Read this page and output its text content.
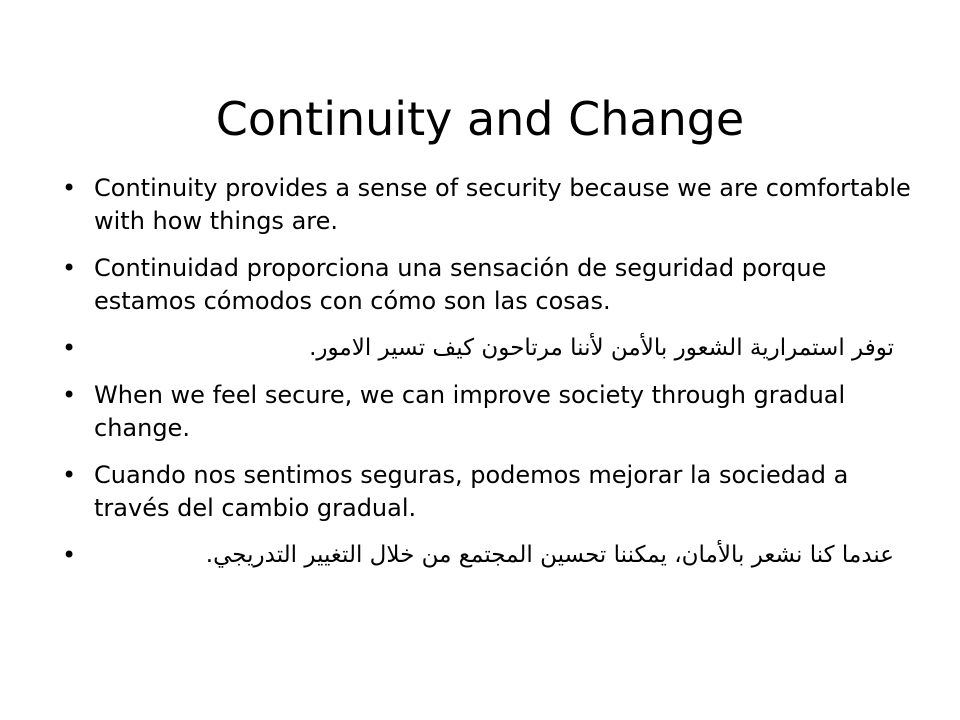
Continuity and Change
• Continuity provides a sense of security because we are comfortable with how things are.
• Continuidad proporciona una sensación de seguridad porque estamos cómodos con cómo son las cosas.
•	توفر استمرارية الشعور بالأمن لأننا مرتاحون كيف تسير الامور.
• When we feel secure, we can improve society through gradual change.
• Cuando nos sentimos seguras, podemos mejorar la sociedad a través del cambio gradual.
•	عندما كنا نشعر بالأمان، يمكننا تحسين المجتمع من خلال التغيير التدريجي.
